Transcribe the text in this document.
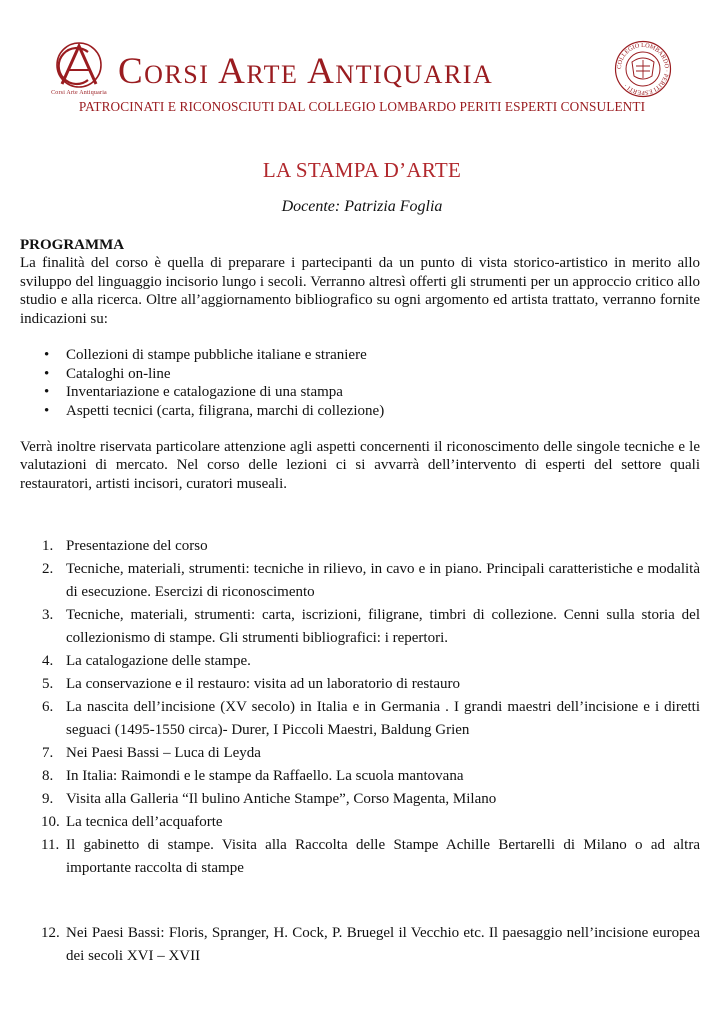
Corsi Arte Antiquaria
Corsi Arte Antiquaria	COLLEGIO LOMBARDO · PERITI ESPERTI ·
PATROCINATI E RICONOSCIUTI DAL COLLEGIO LOMBARDO PERITI ESPERTI CONSULENTI
LA STAMPA D’ARTE
Docente: Patrizia Foglia
PROGRAMMA

La finalità del corso è quella di preparare i partecipanti da un punto di vista storico-artistico in merito allo sviluppo del linguaggio incisorio lungo i secoli. Verranno altresì offerti gli strumenti per un approccio critico allo studio e alla ricerca. Oltre all’aggiornamento bibliografico su ogni argomento ed artista trattato, verranno fornite indicazioni su:

• Collezioni di stampe pubbliche italiane e straniere
• Cataloghi on-line
• Inventariazione e catalogazione di una stampa
• Aspetti tecnici (carta, filigrana, marchi di collezione)

Verrà inoltre riservata particolare attenzione agli aspetti concernenti il riconoscimento delle singole tecniche e le valutazioni di mercato. Nel corso delle lezioni ci si avvarrà dell’intervento di esperti del settore quali restauratori, artisti incisori, curatori museali.

1. Presentazione del corso
2. Tecniche, materiali, strumenti: tecniche in rilievo, in cavo e in piano. Principali caratteristiche e modalità di esecuzione. Esercizi di riconoscimento
3. Tecniche, materiali, strumenti: carta, iscrizioni, filigrane, timbri di collezione. Cenni sulla storia del collezionismo di stampe. Gli strumenti bibliografici: i repertori.
4. La catalogazione delle stampe.
5. La conservazione e il restauro: visita ad un laboratorio di restauro
6. La nascita dell’incisione (XV secolo) in Italia e in Germania . I grandi maestri dell’incisione e i diretti seguaci (1495-1550 circa)- Durer, I Piccoli Maestri, Baldung Grien
7. Nei Paesi Bassi – Luca di Leyda
8. In Italia: Raimondi e le stampe da Raffaello. La scuola mantovana
9. Visita alla Galleria “Il bulino Antiche Stampe”, Corso Magenta, Milano
10. La tecnica dell’acquaforte
11. Il gabinetto di stampe. Visita alla Raccolta delle Stampe Achille Bertarelli di Milano o ad altra importante raccolta di stampe
12. Nei Paesi Bassi: Floris, Spranger, H. Cock, P. Bruegel il Vecchio etc. Il paesaggio nell’incisione europea dei secoli XVI – XVII
